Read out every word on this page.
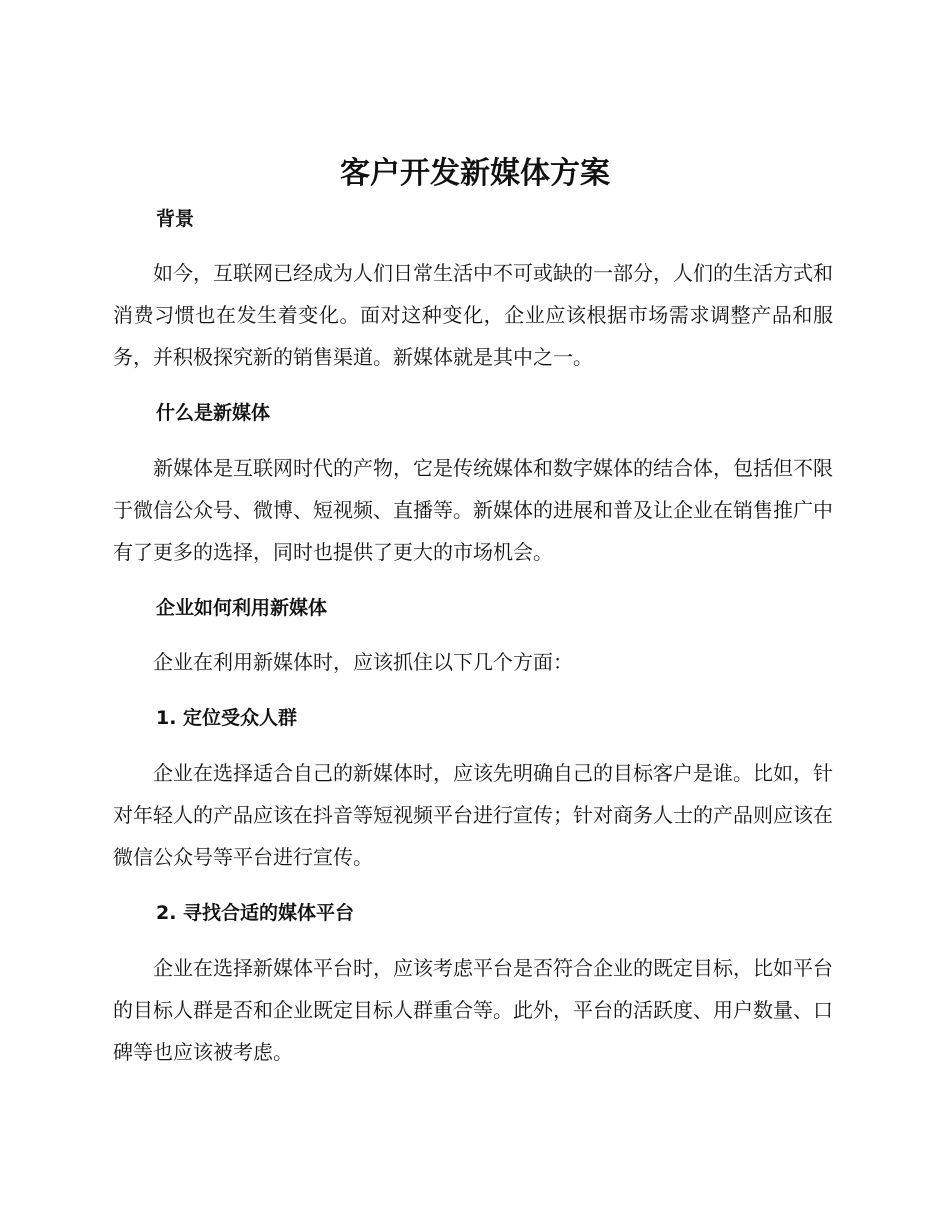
客户开发新媒体方案
背景

如今，互联网已经成为人们日常生活中不可或缺的一部分，人们的生活方式和消费习惯也在发生着变化。面对这种变化，企业应该根据市场需求调整产品和服务，并积极探究新的销售渠道。新媒体就是其中之一。

什么是新媒体

新媒体是互联网时代的产物，它是传统媒体和数字媒体的结合体，包括但不限于微信公众号、微博、短视频、直播等。新媒体的进展和普及让企业在销售推广中有了更多的选择，同时也提供了更大的市场机会。

企业如何利用新媒体

企业在利用新媒体时，应该抓住以下几个方面：

1. 定位受众人群

企业在选择适合自己的新媒体时，应该先明确自己的目标客户是谁。比如，针对年轻人的产品应该在抖音等短视频平台进行宣传；针对商务人士的产品则应该在微信公众号等平台进行宣传。

2. 寻找合适的媒体平台

企业在选择新媒体平台时，应该考虑平台是否符合企业的既定目标，比如平台的目标人群是否和企业既定目标人群重合等。此外，平台的活跃度、用户数量、口碑等也应该被考虑。
